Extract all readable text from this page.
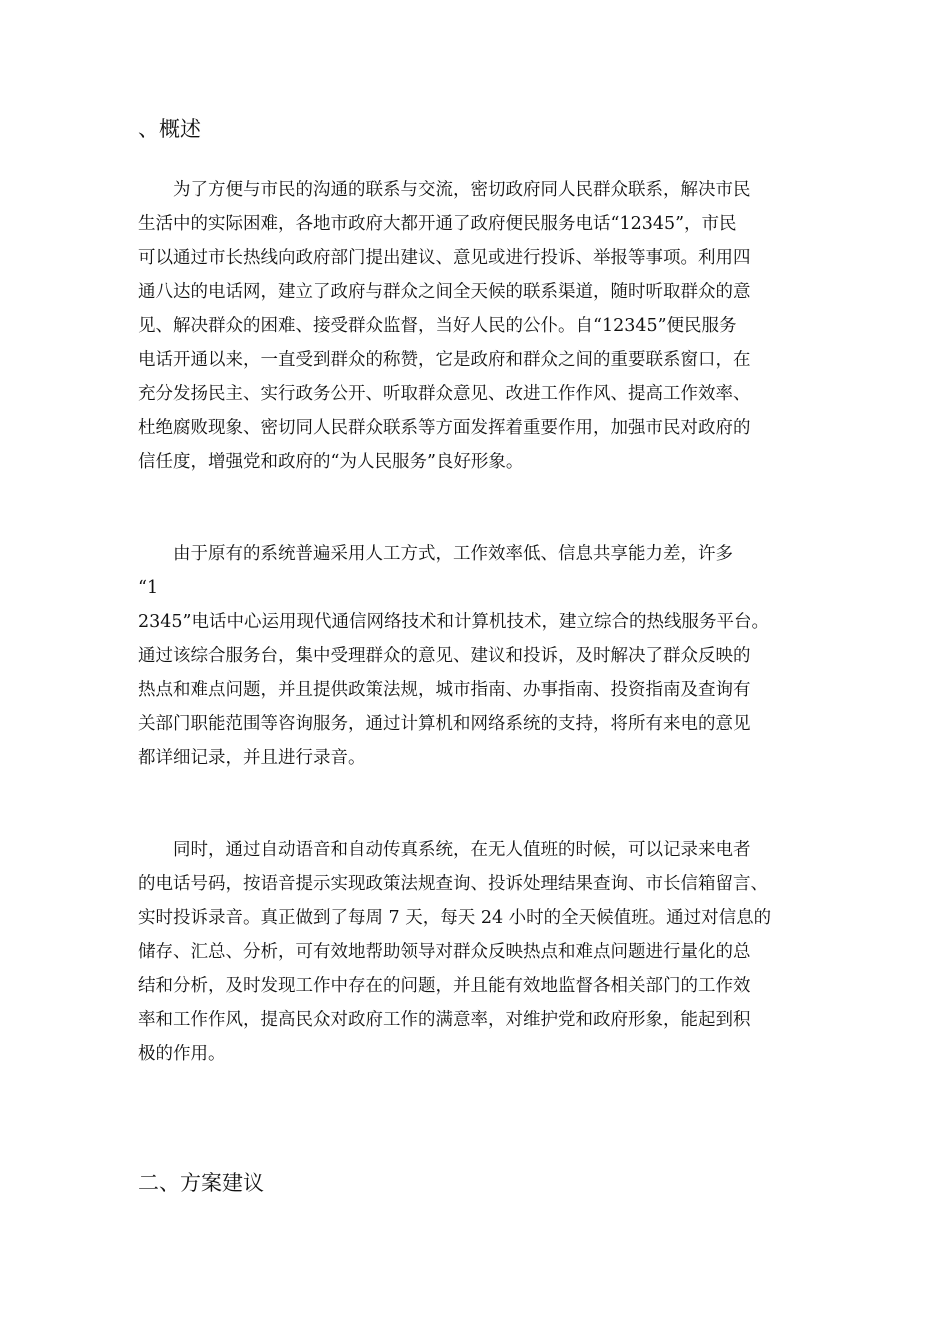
、概述
　　为了方便与市民的沟通的联系与交流，密切政府同人民群众联系，解决市民
生活中的实际困难，各地市政府大都开通了政府便民服务电话“12345”，市民
可以通过市长热线向政府部门提出建议、意见或进行投诉、举报等事项。利用四
通八达的电话网，建立了政府与群众之间全天候的联系渠道，随时听取群众的意
见、解决群众的困难、接受群众监督，当好人民的公仆。自“12345”便民服务
电话开通以来，一直受到群众的称赞，它是政府和群众之间的重要联系窗口，在
充分发扬民主、实行政务公开、听取群众意见、改进工作作风、提高工作效率、
杜绝腐败现象、密切同人民群众联系等方面发挥着重要作用，加强市民对政府的
信任度，增强党和政府的“为人民服务”良好形象。
　　由于原有的系统普遍采用人工方式，工作效率低、信息共享能力差，许多
“1
2345”电话中心运用现代通信网络技术和计算机技术，建立综合的热线服务平台。
通过该综合服务台，集中受理群众的意见、建议和投诉，及时解决了群众反映的
热点和难点问题，并且提供政策法规，城市指南、办事指南、投资指南及查询有
关部门职能范围等咨询服务，通过计算机和网络系统的支持，将所有来电的意见
都详细记录，并且进行录音。
　　同时，通过自动语音和自动传真系统，在无人值班的时候，可以记录来电者
的电话号码，按语音提示实现政策法规查询、投诉处理结果查询、市长信箱留言、
实时投诉录音。真正做到了每周 7 天，每天 24 小时的全天候值班。通过对信息的
储存、汇总、分析，可有效地帮助领导对群众反映热点和难点问题进行量化的总
结和分析，及时发现工作中存在的问题，并且能有效地监督各相关部门的工作效
率和工作作风，提高民众对政府工作的满意率，对维护党和政府形象，能起到积
极的作用。
二、方案建议
